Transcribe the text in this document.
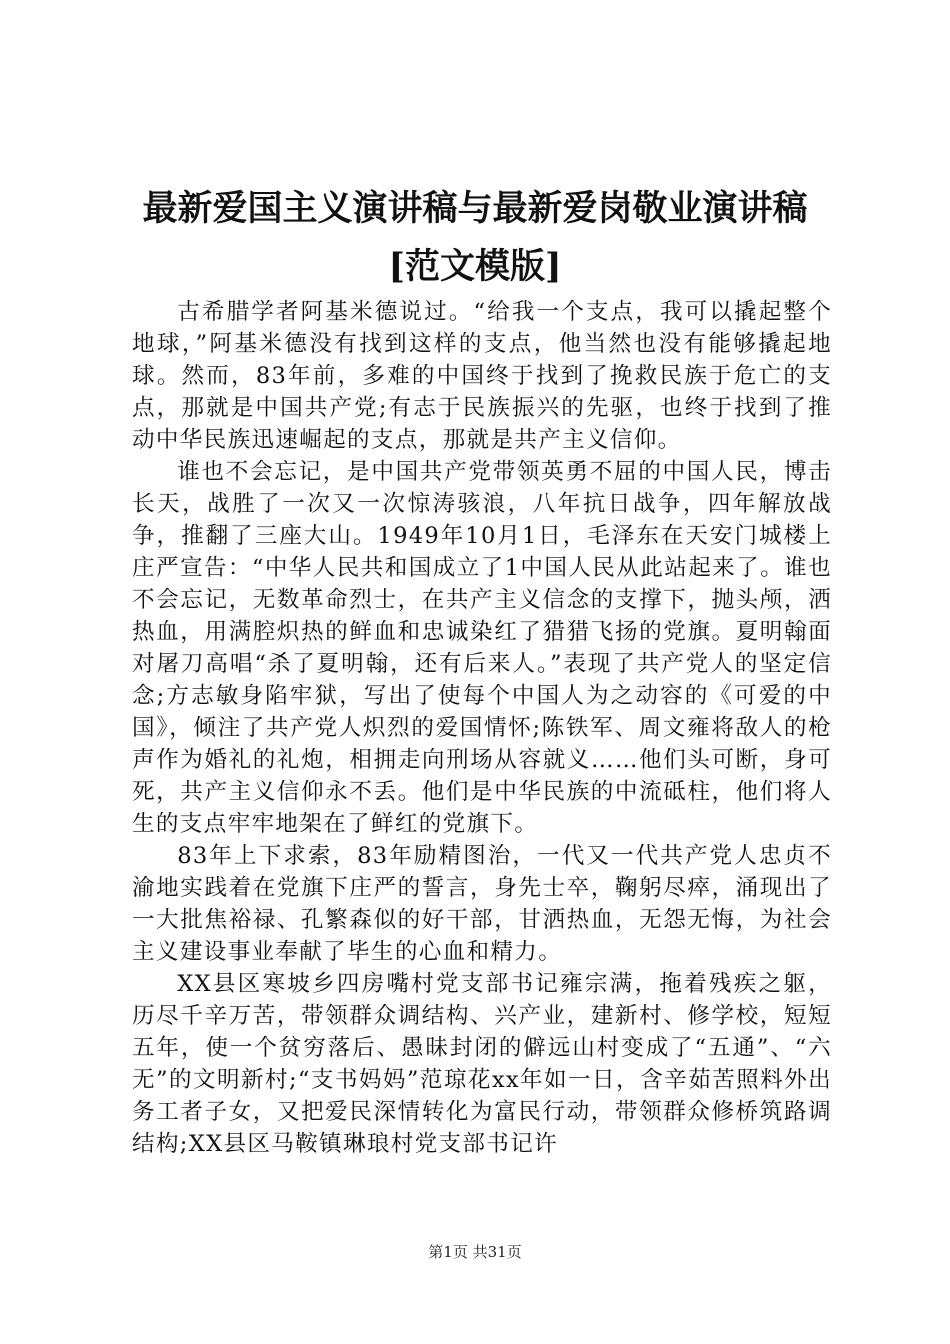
最新爱国主义演讲稿与最新爱岗敬业演讲稿
[范文模版]

古希腊学者阿基米德说过。“给我一个支点，我可以撬起整个地球，”阿基米德没有找到这样的支点，他当然也没有能够撬起地球。然而，83年前，多难的中国终于找到了挽救民族于危亡的支点，那就是中国共产党;有志于民族振兴的先驱，也终于找到了推动中华民族迅速崛起的支点，那就是共产主义信仰。

谁也不会忘记，是中国共产党带领英勇不屈的中国人民，博击长天，战胜了一次又一次惊涛骇浪，八年抗日战争，四年解放战争，推翻了三座大山。1949年10月1日，毛泽东在天安门城楼上庄严宣告：“中华人民共和国成立了1中国人民从此站起来了。谁也不会忘记，无数革命烈士，在共产主义信念的支撑下，抛头颅，洒热血，用满腔炽热的鲜血和忠诚染红了猎猎飞扬的党旗。夏明翰面对屠刀高唱“杀了夏明翰，还有后来人。”表现了共产党人的坚定信念;方志敏身陷牢狱，写出了使每个中国人为之动容的《可爱的中国》，倾注了共产党人炽烈的爱国情怀;陈铁军、周文雍将敌人的枪声作为婚礼的礼炮，相拥走向刑场从容就义……他们头可断，身可死，共产主义信仰永不丢。他们是中华民族的中流砥柱，他们将人生的支点牢牢地架在了鲜红的党旗下。

83年上下求索，83年励精图治，一代又一代共产党人忠贞不渝地实践着在党旗下庄严的誓言，身先士卒，鞠躬尽瘁，涌现出了一大批焦裕禄、孔繁森似的好干部，甘洒热血，无怨无悔，为社会主义建设事业奉献了毕生的心血和精力。

XX县区寒坡乡四房嘴村党支部书记雍宗满，拖着残疾之躯，历尽千辛万苦，带领群众调结构、兴产业，建新村、修学校，短短五年，使一个贫穷落后、愚昧封闭的僻远山村变成了“五通”、“六无”的文明新村;“支书妈妈”范琼花xx年如一日，含辛茹苦照料外出务工者子女，又把爱民深情转化为富民行动，带领群众修桥筑路调结构;XX县区马鞍镇琳琅村党支部书记许

第1页 共31页
